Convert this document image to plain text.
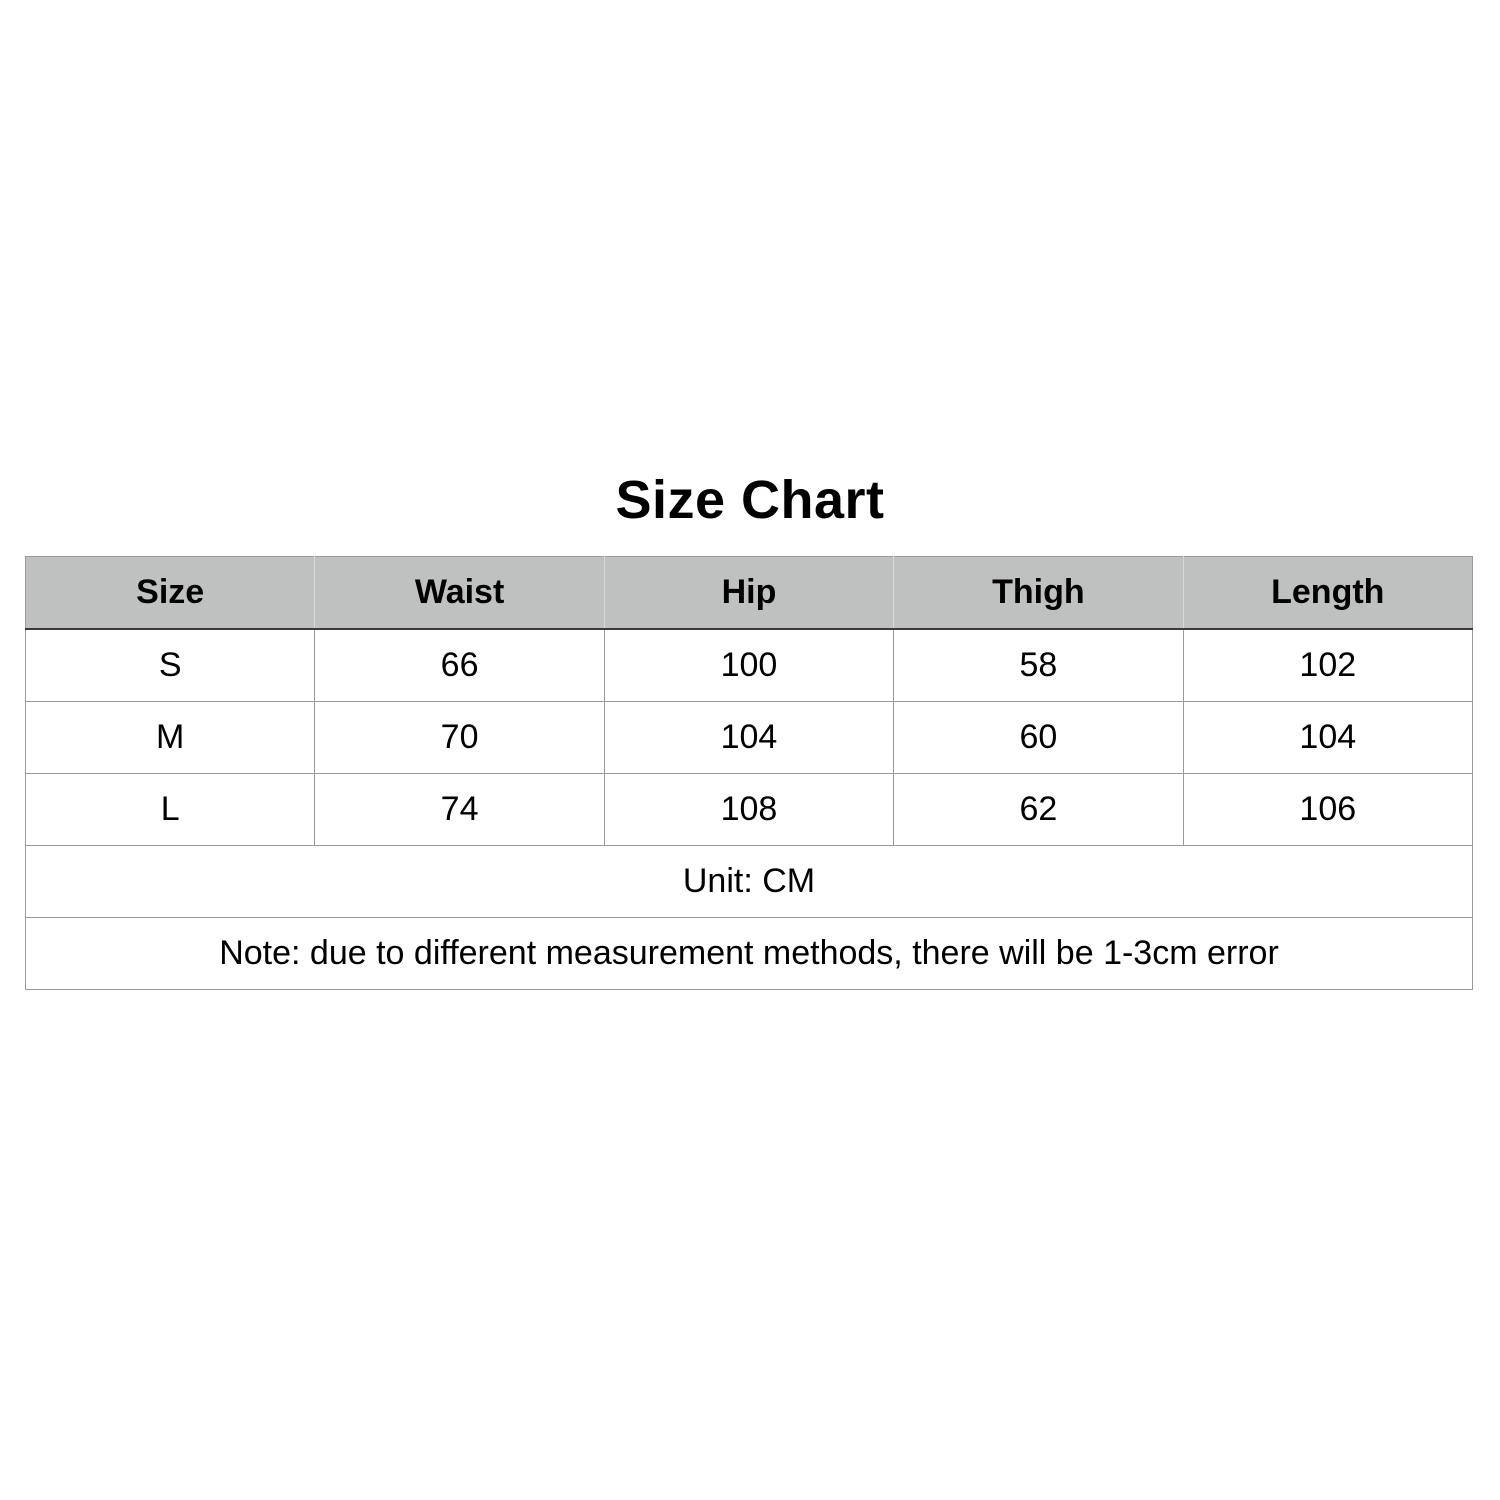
Size Chart
Size	Waist	Hip	Thigh	Length
S	66	100	58	102
M	70	104	60	104
L	74	108	62	106
Unit: CM				
Note: due to different measurement methods, there will be 1-3cm error				
